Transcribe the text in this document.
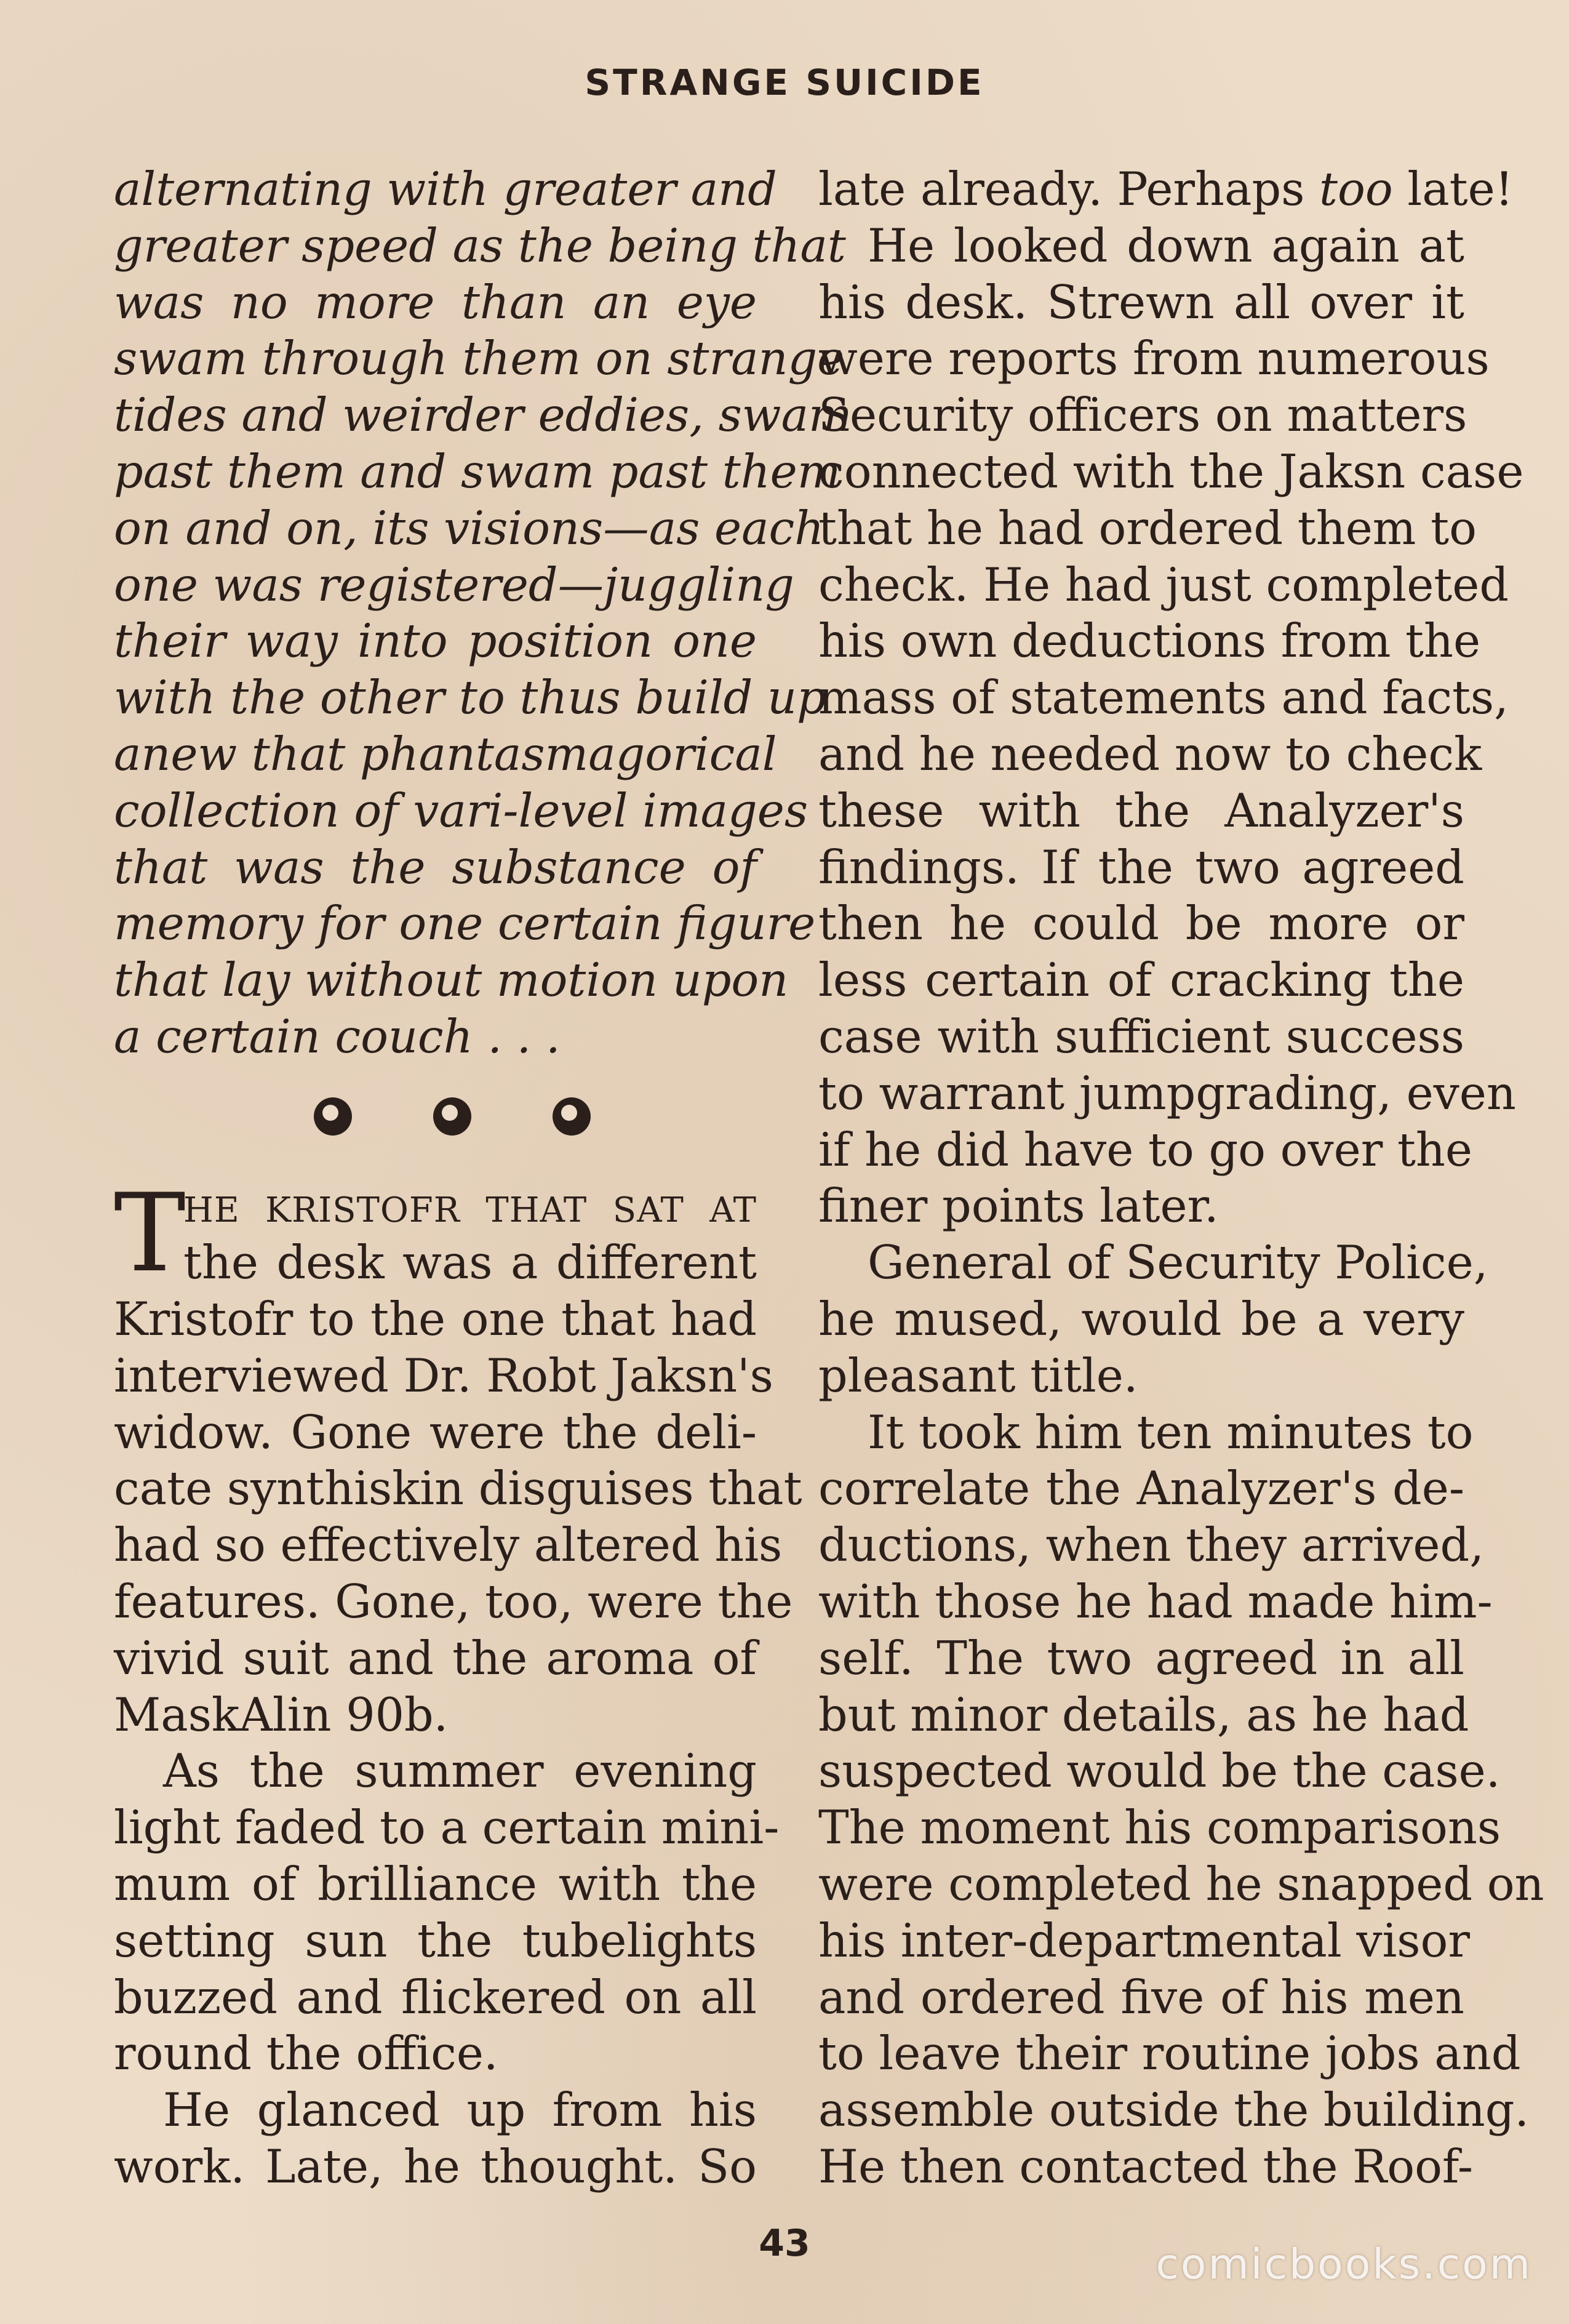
STRANGE SUICIDE
alternating with greater and
greater speed as the being that
was no more than an eye
swam through them on strange
tides and weirder eddies, swam
past them and swam past them
on and on, its visions—as each
one was registered—juggling
their way into position one
with the other to thus build up
anew that phantasmagorical
collection of vari-level images
that was the substance of
memory for one certain figure
that lay without motion upon
a certain couch . . .
HE KRISTOFR THAT SAT AT
the desk was a different
Kristofr to the one that had
interviewed Dr. Robt Jaksn's
widow. Gone were the deli-
cate synthiskin disguises that
had so effectively altered his
features. Gone, too, were the
vivid suit and the aroma of
MaskAlin 90b.
As the summer evening
light faded to a certain mini-
mum of brilliance with the
setting sun the tubelights
buzzed and flickered on all
round the office.
He glanced up from his
work. Late, he thought. So
T
late already. Perhaps too late!
He looked down again at
his desk. Strewn all over it
were reports from numerous
Security officers on matters
connected with the Jaksn case
that he had ordered them to
check. He had just completed
his own deductions from the
mass of statements and facts,
and he needed now to check
these with the Analyzer's
findings. If the two agreed
then he could be more or
less certain of cracking the
case with sufficient success
to warrant jumpgrading, even
if he did have to go over the
finer points later.
General of Security Police,
he mused, would be a very
pleasant title.
It took him ten minutes to
correlate the Analyzer's de-
ductions, when they arrived,
with those he had made him-
self. The two agreed in all
but minor details, as he had
suspected would be the case.
The moment his comparisons
were completed he snapped on
his inter-departmental visor
and ordered five of his men
to leave their routine jobs and
assemble outside the building.
He then contacted the Roof-
43	comicbooks.com
